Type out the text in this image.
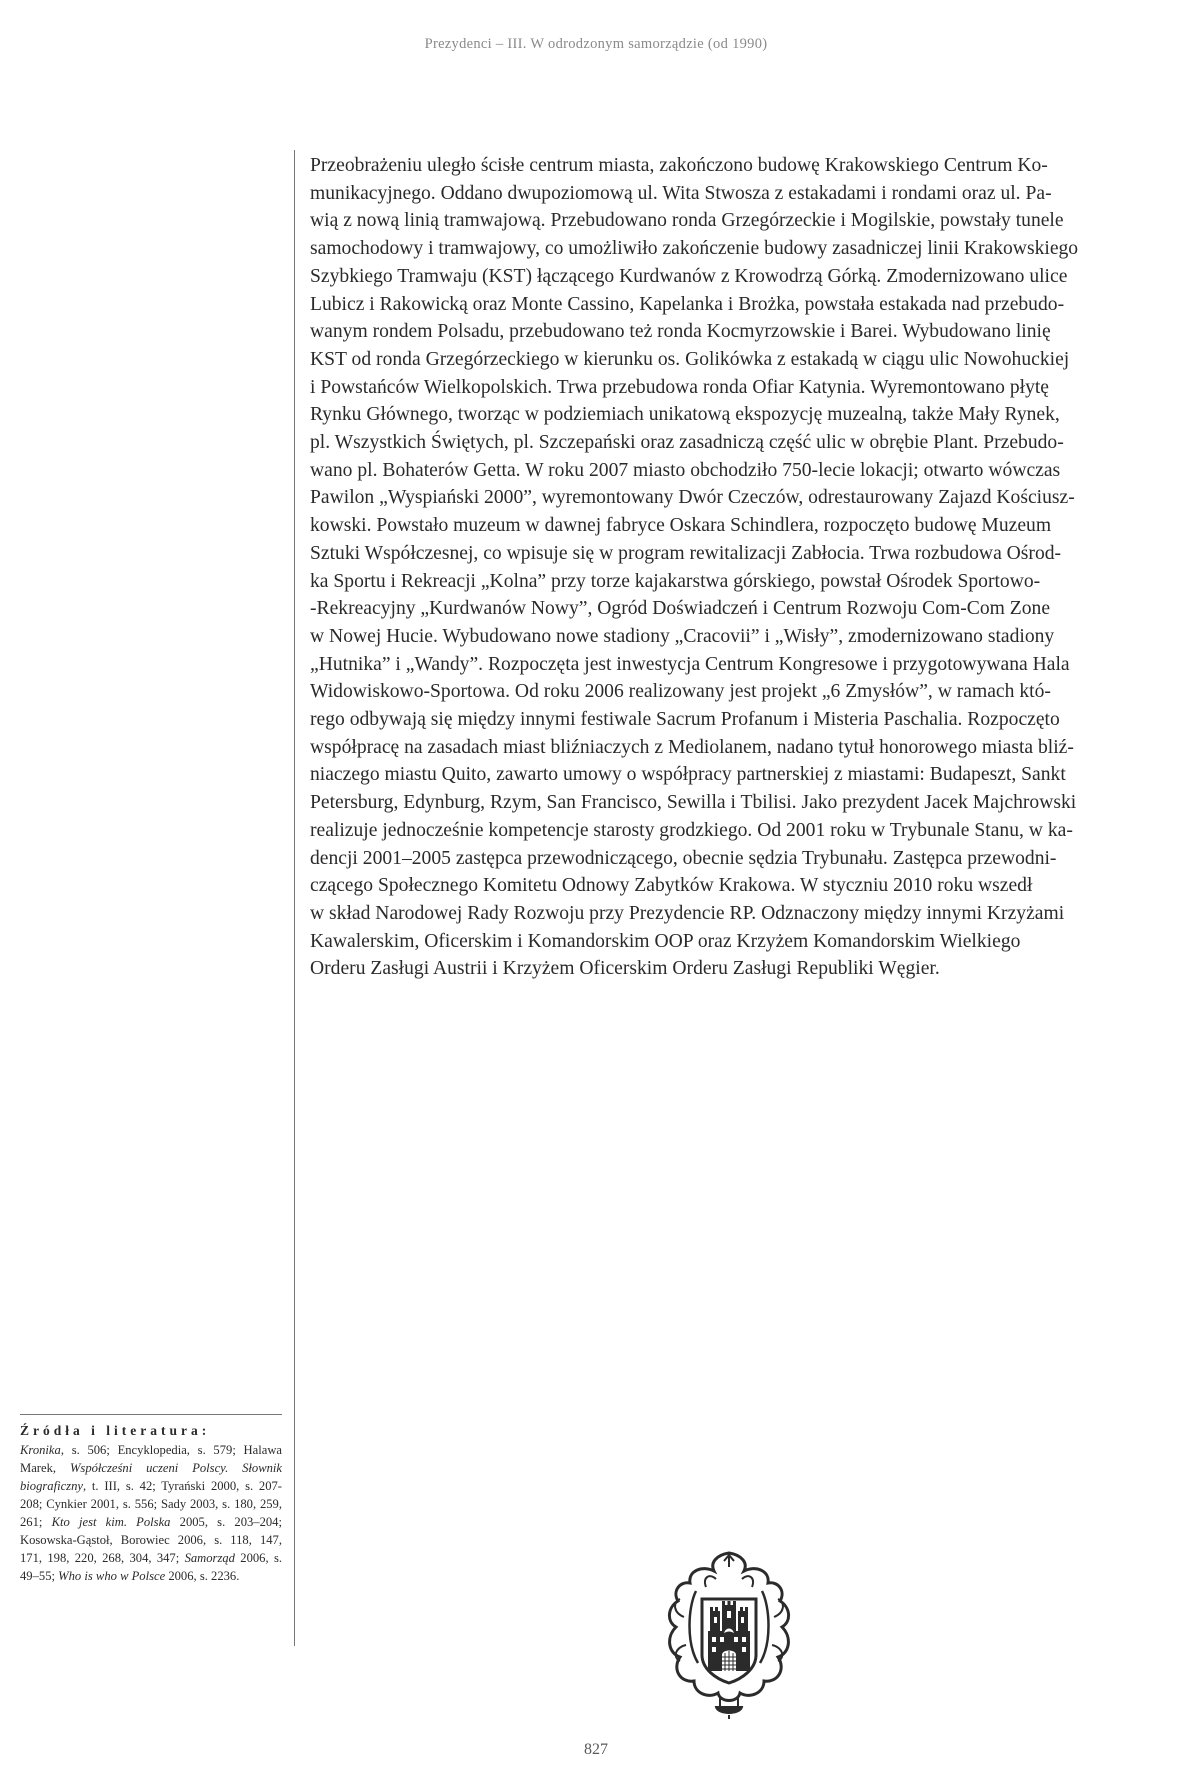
Prezydenci – III. W odrodzonym samorządzie (od 1990)

Przeobrażeniu uległo ścisłe centrum miasta, zakończono budowę Krakowskiego Centrum Ko-
munikacyjnego. Oddano dwupoziomową ul. Wita Stwosza z estakadami i rondami oraz ul. Pa-
wią z nową linią tramwajową. Przebudowano ronda Grzegórzeckie i Mogilskie, powstały tunele
samochodowy i tramwajowy, co umożliwiło zakończenie budowy zasadniczej linii Krakowskiego
Szybkiego Tramwaju (KST) łączącego Kurdwanów z Krowodrzą Górką. Zmodernizowano ulice
Lubicz i Rakowicką oraz Monte Cassino, Kapelanka i Brożka, powstała estakada nad przebudo-
wanym rondem Polsadu, przebudowano też ronda Kocmyrzowskie i Barei. Wybudowano linię
KST od ronda Grzegórzeckiego w kierunku os. Golikówka z estakadą w ciągu ulic Nowohuckiej
i Powstańców Wielkopolskich. Trwa przebudowa ronda Ofiar Katynia. Wyremontowano płytę
Rynku Głównego, tworząc w podziemiach unikatową ekspozycję muzealną, także Mały Rynek,
pl. Wszystkich Świętych, pl. Szczepański oraz zasadniczą część ulic w obrębie Plant. Przebudo-
wano pl. Bohaterów Getta. W roku 2007 miasto obchodziło 750-lecie lokacji; otwarto wówczas
Pawilon „Wyspiański 2000”, wyremontowany Dwór Czeczów, odrestaurowany Zajazd Kościusz-
kowski. Powstało muzeum w dawnej fabryce Oskara Schindlera, rozpoczęto budowę Muzeum
Sztuki Współczesnej, co wpisuje się w program rewitalizacji Zabłocia. Trwa rozbudowa Ośrod-
ka Sportu i Rekreacji „Kolna” przy torze kajakarstwa górskiego, powstał Ośrodek Sportowo-
-Rekreacyjny „Kurdwanów Nowy”, Ogród Doświadczeń i Centrum Rozwoju Com-Com Zone
w Nowej Hucie. Wybudowano nowe stadiony „Cracovii” i „Wisły”, zmodernizowano stadiony
„Hutnika” i „Wandy”. Rozpoczęta jest inwestycja Centrum Kongresowe i przygotowywana Hala
Widowiskowo-Sportowa. Od roku 2006 realizowany jest projekt „6 Zmysłów”, w ramach któ-
rego odbywają się między innymi festiwale Sacrum Profanum i Misteria Paschalia. Rozpoczęto
współpracę na zasadach miast bliźniaczych z Mediolanem, nadano tytuł honorowego miasta bliź-
niaczego miastu Quito, zawarto umowy o współpracy partnerskiej z miastami: Budapeszt, Sankt
Petersburg, Edynburg, Rzym, San Francisco, Sewilla i Tbilisi. Jako prezydent Jacek Majchrowski
realizuje jednocześnie kompetencje starosty grodzkiego. Od 2001 roku w Trybunale Stanu, w ka-
dencji 2001–2005 zastępca przewodniczącego, obecnie sędzia Trybunału. Zastępca przewodni-
czącego Społecznego Komitetu Odnowy Zabytków Krakowa. W styczniu 2010 roku wszedł
w skład Narodowej Rady Rozwoju przy Prezydencie RP. Odznaczony między innymi Krzyżami
Kawalerskim, Oficerskim i Komandorskim OOP oraz Krzyżem Komandorskim Wielkiego
Orderu Zasługi Austrii i Krzyżem Oficerskim Orderu Zasługi Republiki Węgier.

Źródła i literatura:

Kronika, s. 506; Encyklopedia, s. 579; Halawa Marek, Współcześni uczeni Polscy. Słownik biograficzny, t. III, s. 42; Tyrański 2000, s. 207-208; Cynkier 2001, s. 556; Sady 2003, s. 180, 259, 261; Kto jest kim. Polska 2005, s. 203–204; Kosowska-Gąstoł, Borowiec 2006, s. 118, 147, 171, 198, 220, 268, 304, 347; Samorząd 2006, s. 49–55; Who is who w Polsce 2006, s. 2236.

827
